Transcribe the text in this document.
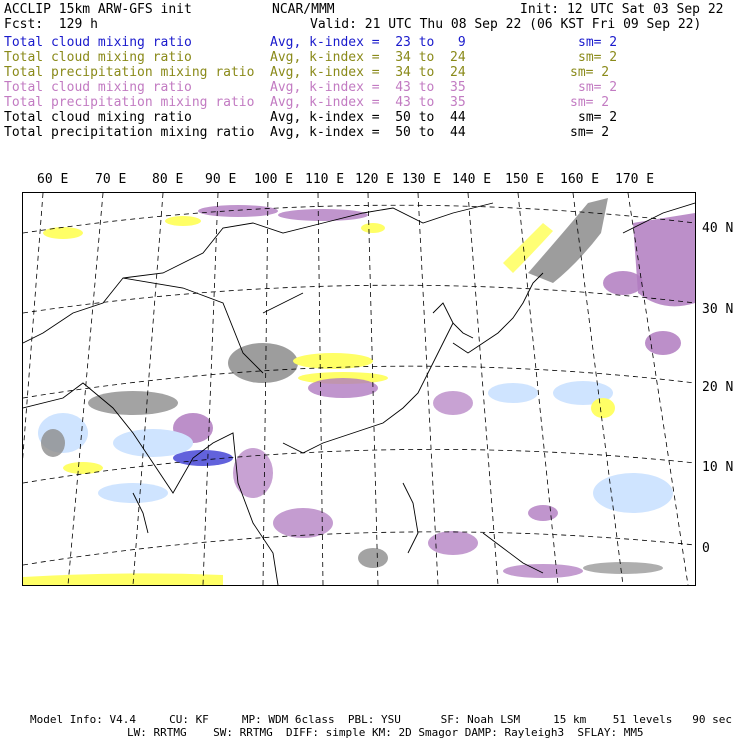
ACCLIP 15km ARW-GFS init	NCAR/MMM	Init: 12 UTC Sat 03 Sep 22
Fcst:  129 h	Valid: 21 UTC Thu 08 Sep 22 (06 KST Fri 09 Sep 22)
Total cloud mixing ratio	Avg, k-index =  23 to   9	sm= 2
Total cloud mixing ratio	Avg, k-index =  34 to  24	sm= 2
Total precipitation mixing ratio Avg, k-index =  34 to  24	sm= 2
Total cloud mixing ratio	Avg, k-index =  43 to  35	sm= 2
Total precipitation mixing ratio Avg, k-index =  43 to  35	sm= 2
Total cloud mixing ratio	Avg, k-index =  50 to  44	sm= 2
Total precipitation mixing ratio Avg, k-index =  50 to  44	sm= 2
60 E 70 E 80 E 90 E 100 E 110 E 120 E 130 E 140 E 150 E 160 E 170 E
40 N
30 N
20 N
10 N
0
Model Info: V4.4     CU: KF     MP: WDM 6class  PBL: YSU      SF: Noah LSM     15 km    51 levels   90 sec
LW: RRTMG    SW: RRTMG  DIFF: simple KM: 2D Smagor DAMP: Rayleigh3  SFLAY: MM5
